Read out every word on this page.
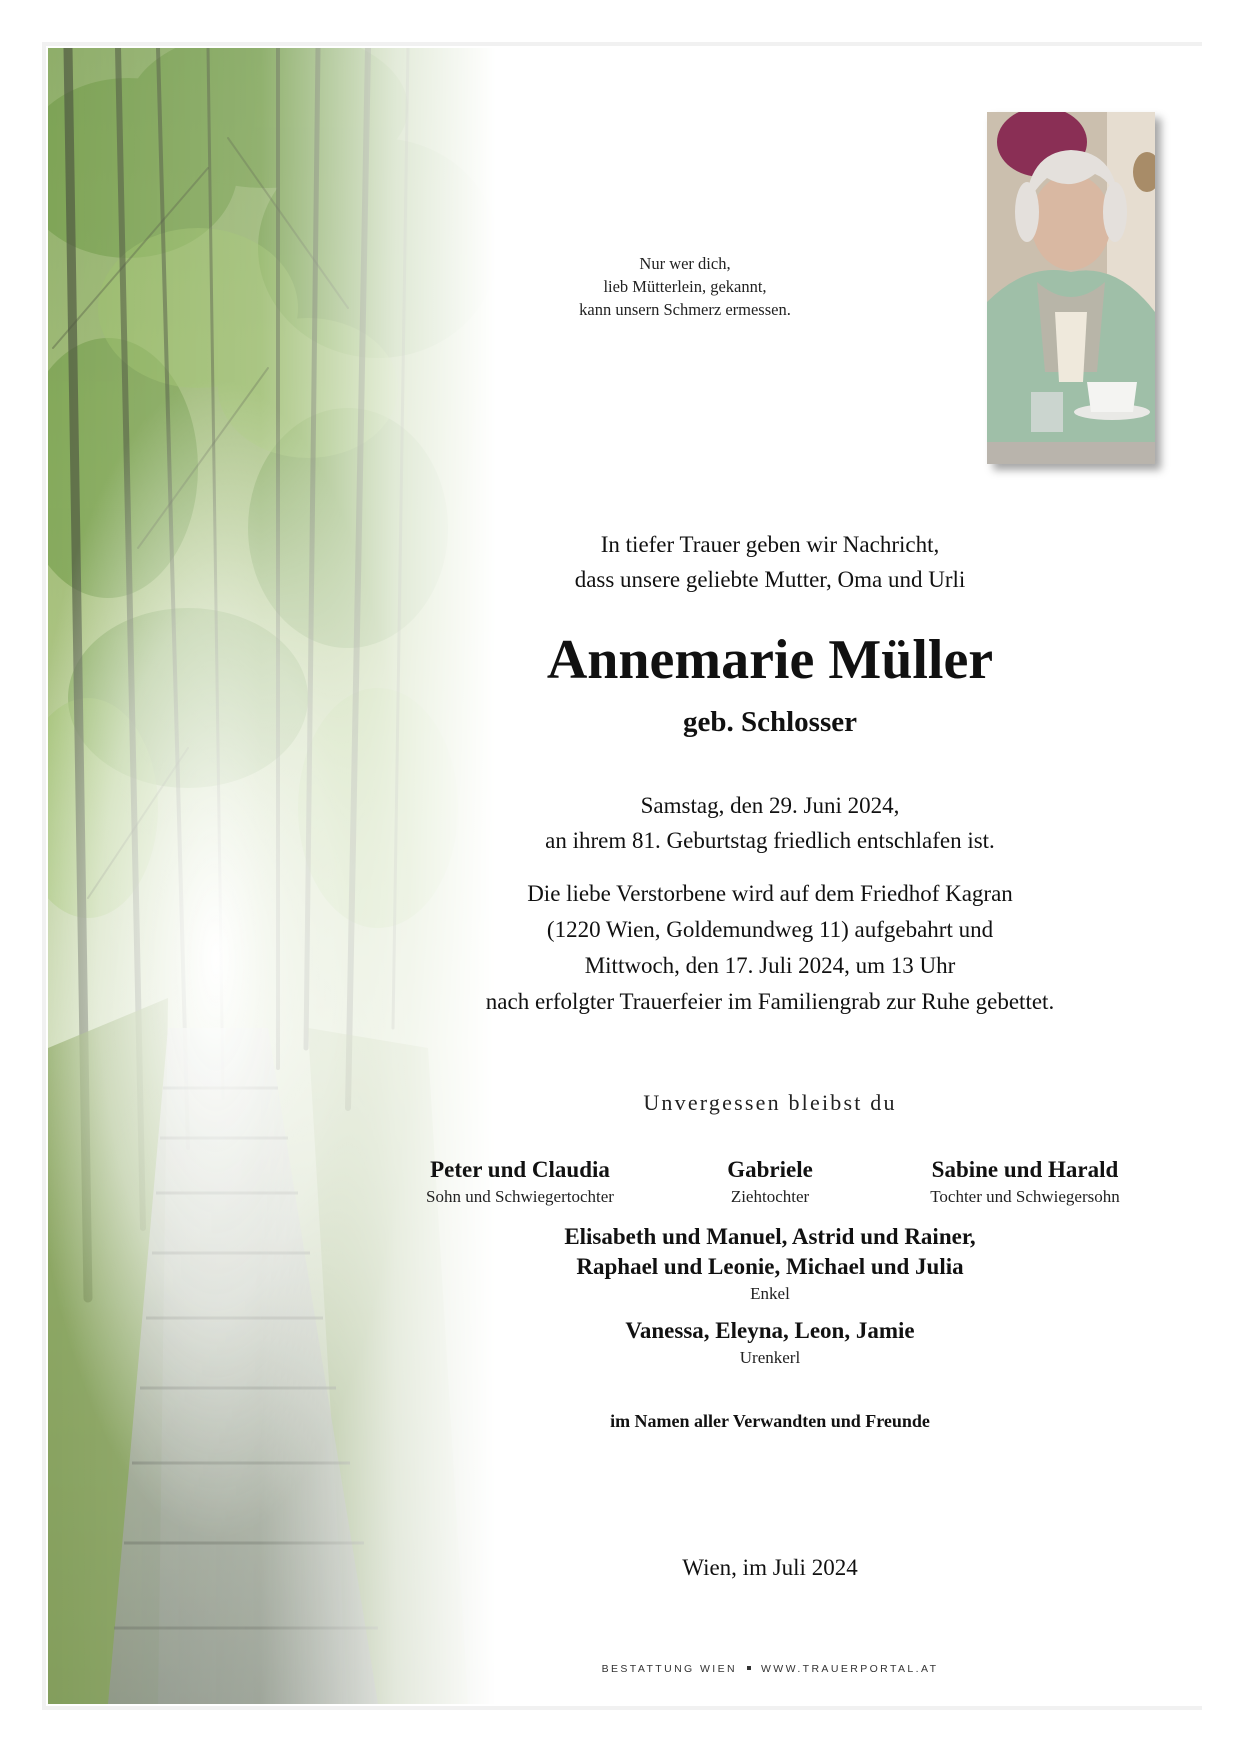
Nur wer dich,
lieb Mütterlein, gekannt,
kann unsern Schmerz ermessen.
In tiefer Trauer geben wir Nachricht,
dass unsere geliebte Mutter, Oma und Urli
Annemarie Müller
geb. Schlosser
Samstag, den 29. Juni 2024,
an ihrem 81. Geburtstag friedlich entschlafen ist.
Die liebe Verstorbene wird auf dem Friedhof Kagran
(1220 Wien, Goldemundweg 11) aufgebahrt und
Mittwoch, den 17. Juli 2024, um 13 Uhr
nach erfolgter Trauerfeier im Familiengrab zur Ruhe gebettet.
Unvergessen bleibst du
Peter und Claudia
Sohn und Schwiegertochter
Gabriele
Ziehtochter
Sabine und Harald
Tochter und Schwiegersohn
Elisabeth und Manuel, Astrid und Rainer,
Raphael und Leonie, Michael und Julia
Enkel
Vanessa, Eleyna, Leon, Jamie
Urenkerl
im Namen aller Verwandten und Freunde
Wien, im Juli 2024
BESTATTUNG WIEN WWW.TRAUERPORTAL.AT
